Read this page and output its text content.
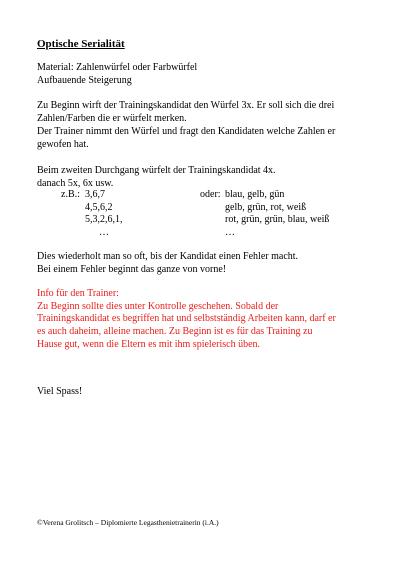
Optische Serialität
Material: Zahlenwürfel oder Farbwürfel
Aufbauende Steigerung
Zu Beginn wirft der Trainingskandidat den Würfel 3x. Er soll sich die drei
Zahlen/Farben die er würfelt merken.
Der Trainer nimmt den Würfel und fragt den Kandidaten welche Zahlen er
gewofen hat.
Beim zweiten Durchgang würfelt der Trainingskandidat 4x.
danach 5x, 6x usw.
z.B.: 3,6,7
4,5,6,2
5,3,2,6,1,
…
oder: blau, gelb, gün
gelb, grün, rot, weiß
rot, grün, grün, blau, weiß
…
Dies wiederholt man so oft, bis der Kandidat einen Fehler macht.
Bei einem Fehler beginnt das ganze von vorne!
Info für den Trainer:
Zu Beginn sollte dies unter Kontrolle geschehen. Sobald der
Trainingskandidat es begriffen hat und selbstständig Arbeiten kann, darf er
es auch daheim, alleine machen. Zu Beginn ist es für das Training zu
Hause gut, wenn die Eltern es mit ihm spielerisch üben.
Viel Spass!
©Verena Grolitsch – Diplomierte Legasthenietrainerin (i.A.)
